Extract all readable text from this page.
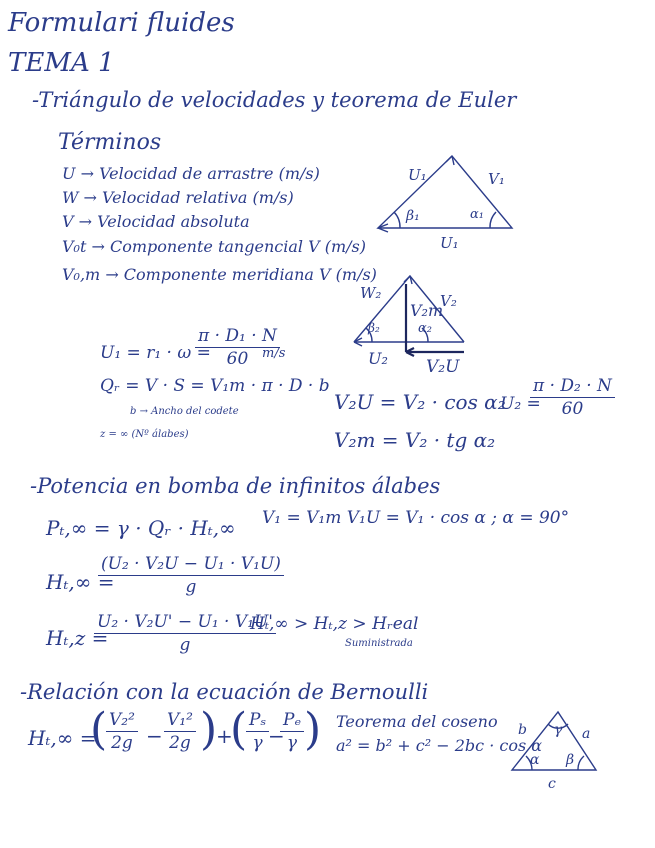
Formulari fluides
TEMA 1
-Triángulo de velocidades y teorema de Euler
Términos
U → Velocidad de arrastre (m/s)
W → Velocidad relativa (m/s)
V → Velocidad absoluta
V₀t → Componente tangencial V (m/s)
V₀,m → Componente meridiana V (m/s)
U₁	V₁
β₁	α₁
U₁
W₂
V₂m
V₂
β₂	α₂
U₂ V₂U
U₁ = r₁ · ω =
$\frac{\text{π · D₁ · N}}{60}$
m/s
Qᵣ = V · S = V₁m · π · D · b
b → Ancho del codete
z = ∞ (Nº álabes)
V₂U = V₂ · cos α₂
V₂m = V₂ · tg α₂
U₂ =
$\frac{\text{π · D₂ · N}}{60}$
-Potencia en bomba de infinitos álabes
Pₜ,∞ = γ · Qᵣ · Hₜ,∞ V₁ = V₁m V₁U = V₁ · cos α ; α = 90°
Hₜ,∞ =
$\frac{\text{(U₂ · V₂U − U₁ · V₁U)}}{g}$
Hₜ,z =
$\frac{\text{U₂ · V₂U' − U₁ · V₁U'}}{g}$
Hₜ,∞ > Hₜ,z > Hᵣeal
Suministrada
-Relación con la ecuación de Bernoulli
Hₜ,∞ =
(
$\frac{\text{V₂²}}{2g} - \frac{\text{V₁²}}{2g}$ )
+
(
$\frac{\text{Pₛ}}{\gamma}$
−
$\frac{\text{Pₑ}}{\gamma}$ ) Teorema del coseno
a² = b² + c² − 2bc · cos α
b γ a
α β
c
